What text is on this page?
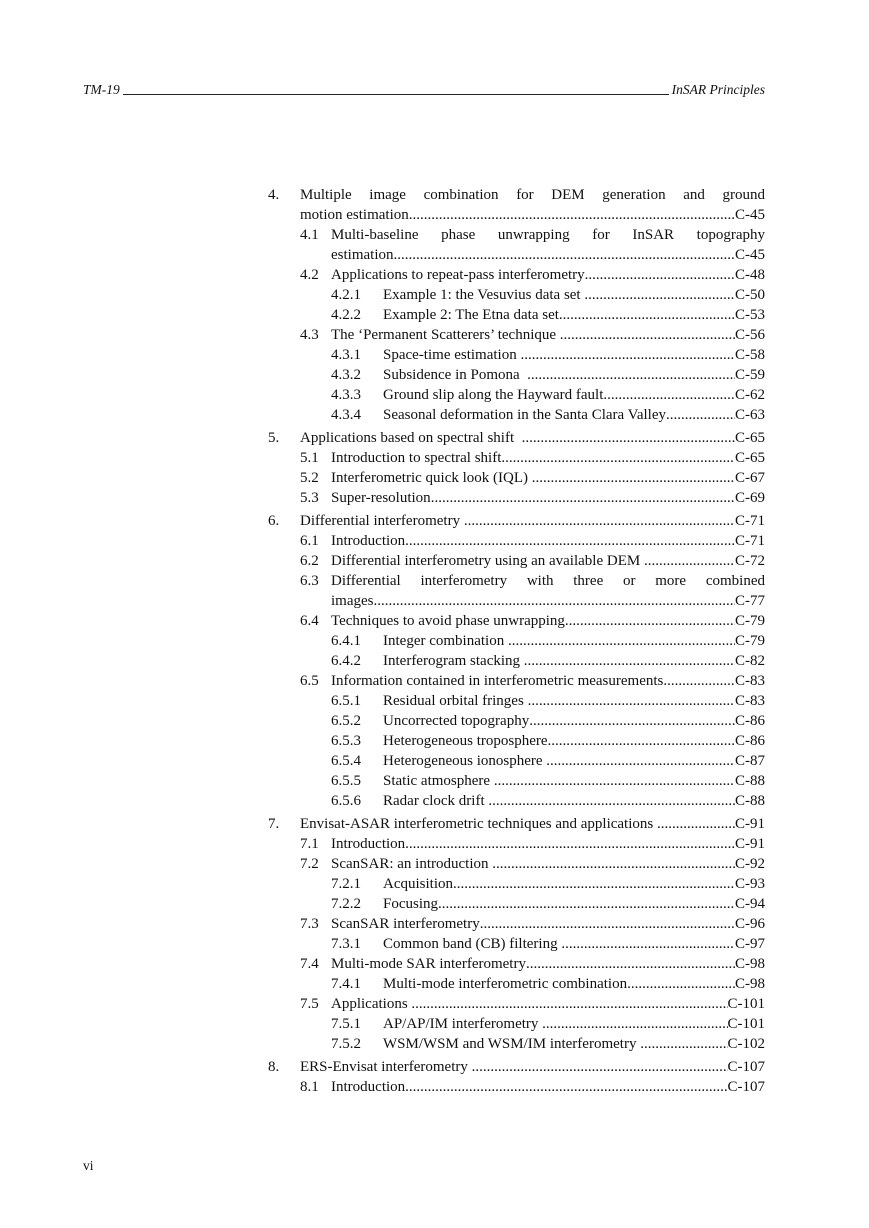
TM-19	InSAR Principles
4.	Multiple image combination for DEM generation and ground
motion estimation .....	C-45
4.1 Multi-baseline phase unwrapping for InSAR topography
estimation .....	C-45
4.2 Applications to repeat-pass interferometry .....	C-48
4.2.1	Example 1: the Vesuvius data set .....	C-50
4.2.2	Example 2: The Etna data set .....	C-53
4.3 The ‘Permanent Scatterers’ technique .....	C-56
4.3.1	Space-time estimation .....	C-58
4.3.2	Subsidence in Pomona .....	C-59
4.3.3	Ground slip along the Hayward fault .....	C-62
4.3.4	Seasonal deformation in the Santa Clara Valley .....	C-63
5.	Applications based on spectral shift .....	C-65
5.1 Introduction to spectral shift .....	C-65
5.2 Interferometric quick look (IQL) .....	C-67
5.3 Super-resolution .....	C-69
6.	Differential interferometry .....	C-71
6.1 Introduction .....	C-71
6.2 Differential interferometry using an available DEM .....	C-72
6.3 Differential interferometry with three or more combined
images .....	C-77
6.4 Techniques to avoid phase unwrapping .....	C-79
6.4.1	Integer combination .....	C-79
6.4.2	Interferogram stacking .....	C-82
6.5 Information contained in interferometric measurements .....	C-83
6.5.1	Residual orbital fringes .....	C-83
6.5.2	Uncorrected topography .....	C-86
6.5.3	Heterogeneous troposphere .....	C-86
6.5.4	Heterogeneous ionosphere .....	C-87
6.5.5	Static atmosphere .....	C-88
6.5.6	Radar clock drift .....	C-88
7.	Envisat-ASAR interferometric techniques and applications .....	C-91
7.1 Introduction .....	C-91
7.2 ScanSAR: an introduction .....	C-92
7.2.1	Acquisition .....	C-93
7.2.2	Focusing .....	C-94
7.3 ScanSAR interferometry .....	C-96
7.3.1	Common band (CB) filtering .....	C-97
7.4 Multi-mode SAR interferometry .....	C-98
7.4.1	Multi-mode interferometric combination .....	C-98
7.5 Applications .....	C-101
7.5.1	AP/AP/IM interferometry .....	C-101
7.5.2	WSM/WSM and WSM/IM interferometry .....	C-102
8.	ERS-Envisat interferometry .....	C-107
8.1 Introduction .....	C-107
vi
